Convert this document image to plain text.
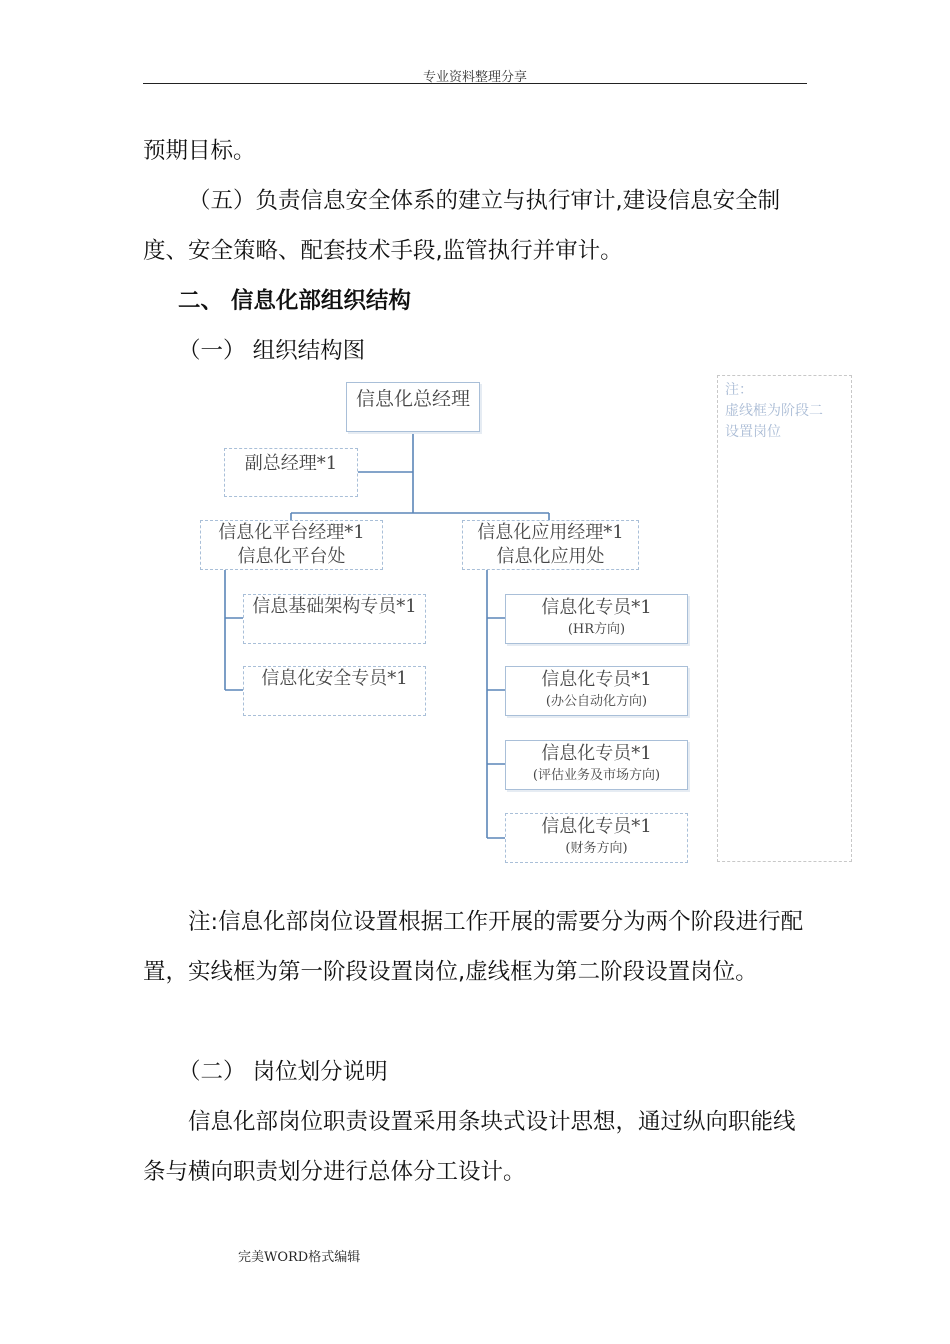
专业资料整理分享

预期目标。

（五）负责信息安全体系的建立与执行审计,建设信息安全制度、安全策略、配套技术手段,监管执行并审计。

二、 信息化部组织结构

（一） 组织结构图

信息化总经理
副总经理*1
信息化平台经理*1
信息化平台处
信息化应用经理*1
信息化应用处
信息基础架构专员*1
信息化安全专员*1
信息化专员*1
(HR方向)
信息化专员*1
(办公自动化方向)
信息化专员*1
(评估业务及市场方向)
信息化专员*1
(财务方向)
注：
虚线框为阶段二
设置岗位

注:信息化部岗位设置根据工作开展的需要分为两个阶段进行配置，实线框为第一阶段设置岗位,虚线框为第二阶段设置岗位。

（二） 岗位划分说明

信息化部岗位职责设置采用条块式设计思想，通过纵向职能线条与横向职责划分进行总体分工设计。

完美WORD格式编辑
